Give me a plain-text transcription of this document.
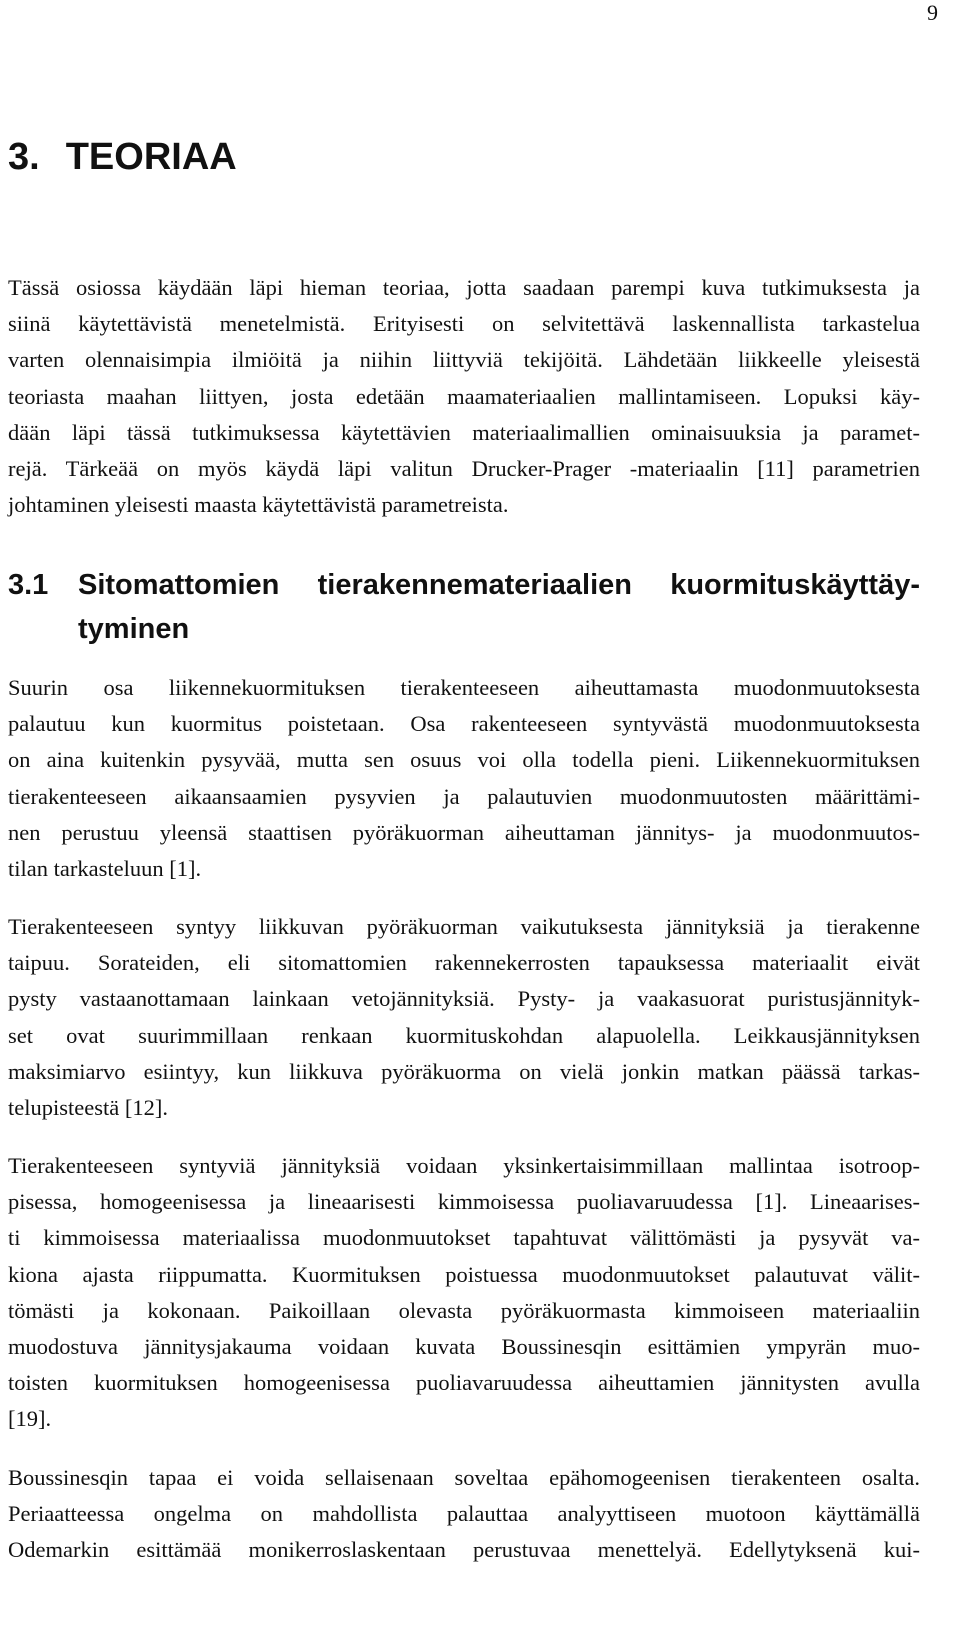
9
3. TEORIAA

Tässä osiossa käydään läpi hieman teoriaa, jotta saadaan parempi kuva tutkimuksesta ja
siinä käytettävistä menetelmistä. Erityisesti on selvitettävä laskennallista tarkastelua
varten olennaisimpia ilmiöitä ja niihin liittyviä tekijöitä. Lähdetään liikkeelle yleisestä
teoriasta maahan liittyen, josta edetään maamateriaalien mallintamiseen. Lopuksi käy-
dään läpi tässä tutkimuksessa käytettävien materiaalimallien ominaisuuksia ja paramet-
rejä. Tärkeää on myös käydä läpi valitun Drucker-Prager -materiaalin [11] parametrien
johtaminen yleisesti maasta käytettävistä parametreista.

3.1 Sitomattomien tierakennemateriaalien kuormituskäyttäy-
tyminen

Suurin osa liikennekuormituksen tierakenteeseen aiheuttamasta muodonmuutoksesta
palautuu kun kuormitus poistetaan. Osa rakenteeseen syntyvästä muodonmuutoksesta
on aina kuitenkin pysyvää, mutta sen osuus voi olla todella pieni. Liikennekuormituksen
tierakenteeseen aikaansaamien pysyvien ja palautuvien muodonmuutosten määrittämi-
nen perustuu yleensä staattisen pyöräkuorman aiheuttaman jännitys- ja muodonmuutos-
tilan tarkasteluun [1].

Tierakenteeseen syntyy liikkuvan pyöräkuorman vaikutuksesta jännityksiä ja tierakenne
taipuu. Sorateiden, eli sitomattomien rakennekerrosten tapauksessa materiaalit eivät
pysty vastaanottamaan lainkaan vetojännityksiä. Pysty- ja vaakasuorat puristusjännityk-
set ovat suurimmillaan renkaan kuormituskohdan alapuolella. Leikkausjännityksen
maksimiarvo esiintyy, kun liikkuva pyöräkuorma on vielä jonkin matkan päässä tarkas-
telupisteestä [12].

Tierakenteeseen syntyviä jännityksiä voidaan yksinkertaisimmillaan mallintaa isotroop-
pisessa, homogeenisessa ja lineaarisesti kimmoisessa puoliavaruudessa [1]. Lineaarises-
ti kimmoisessa materiaalissa muodonmuutokset tapahtuvat välittömästi ja pysyvät va-
kiona ajasta riippumatta. Kuormituksen poistuessa muodonmuutokset palautuvat välit-
tömästi ja kokonaan. Paikoillaan olevasta pyöräkuormasta kimmoiseen materiaaliin
muodostuva jännitysjakauma voidaan kuvata Boussinesqin esittämien ympyrän muo-
toisten kuormituksen homogeenisessa puoliavaruudessa aiheuttamien jännitysten avulla
[19].

Boussinesqin tapaa ei voida sellaisenaan soveltaa epähomogeenisen tierakenteen osalta.
Periaatteessa ongelma on mahdollista palauttaa analyyttiseen muotoon käyttämällä
Odemarkin esittämää monikerroslaskentaan perustuvaa menettelyä. Edellytyksenä kui-
